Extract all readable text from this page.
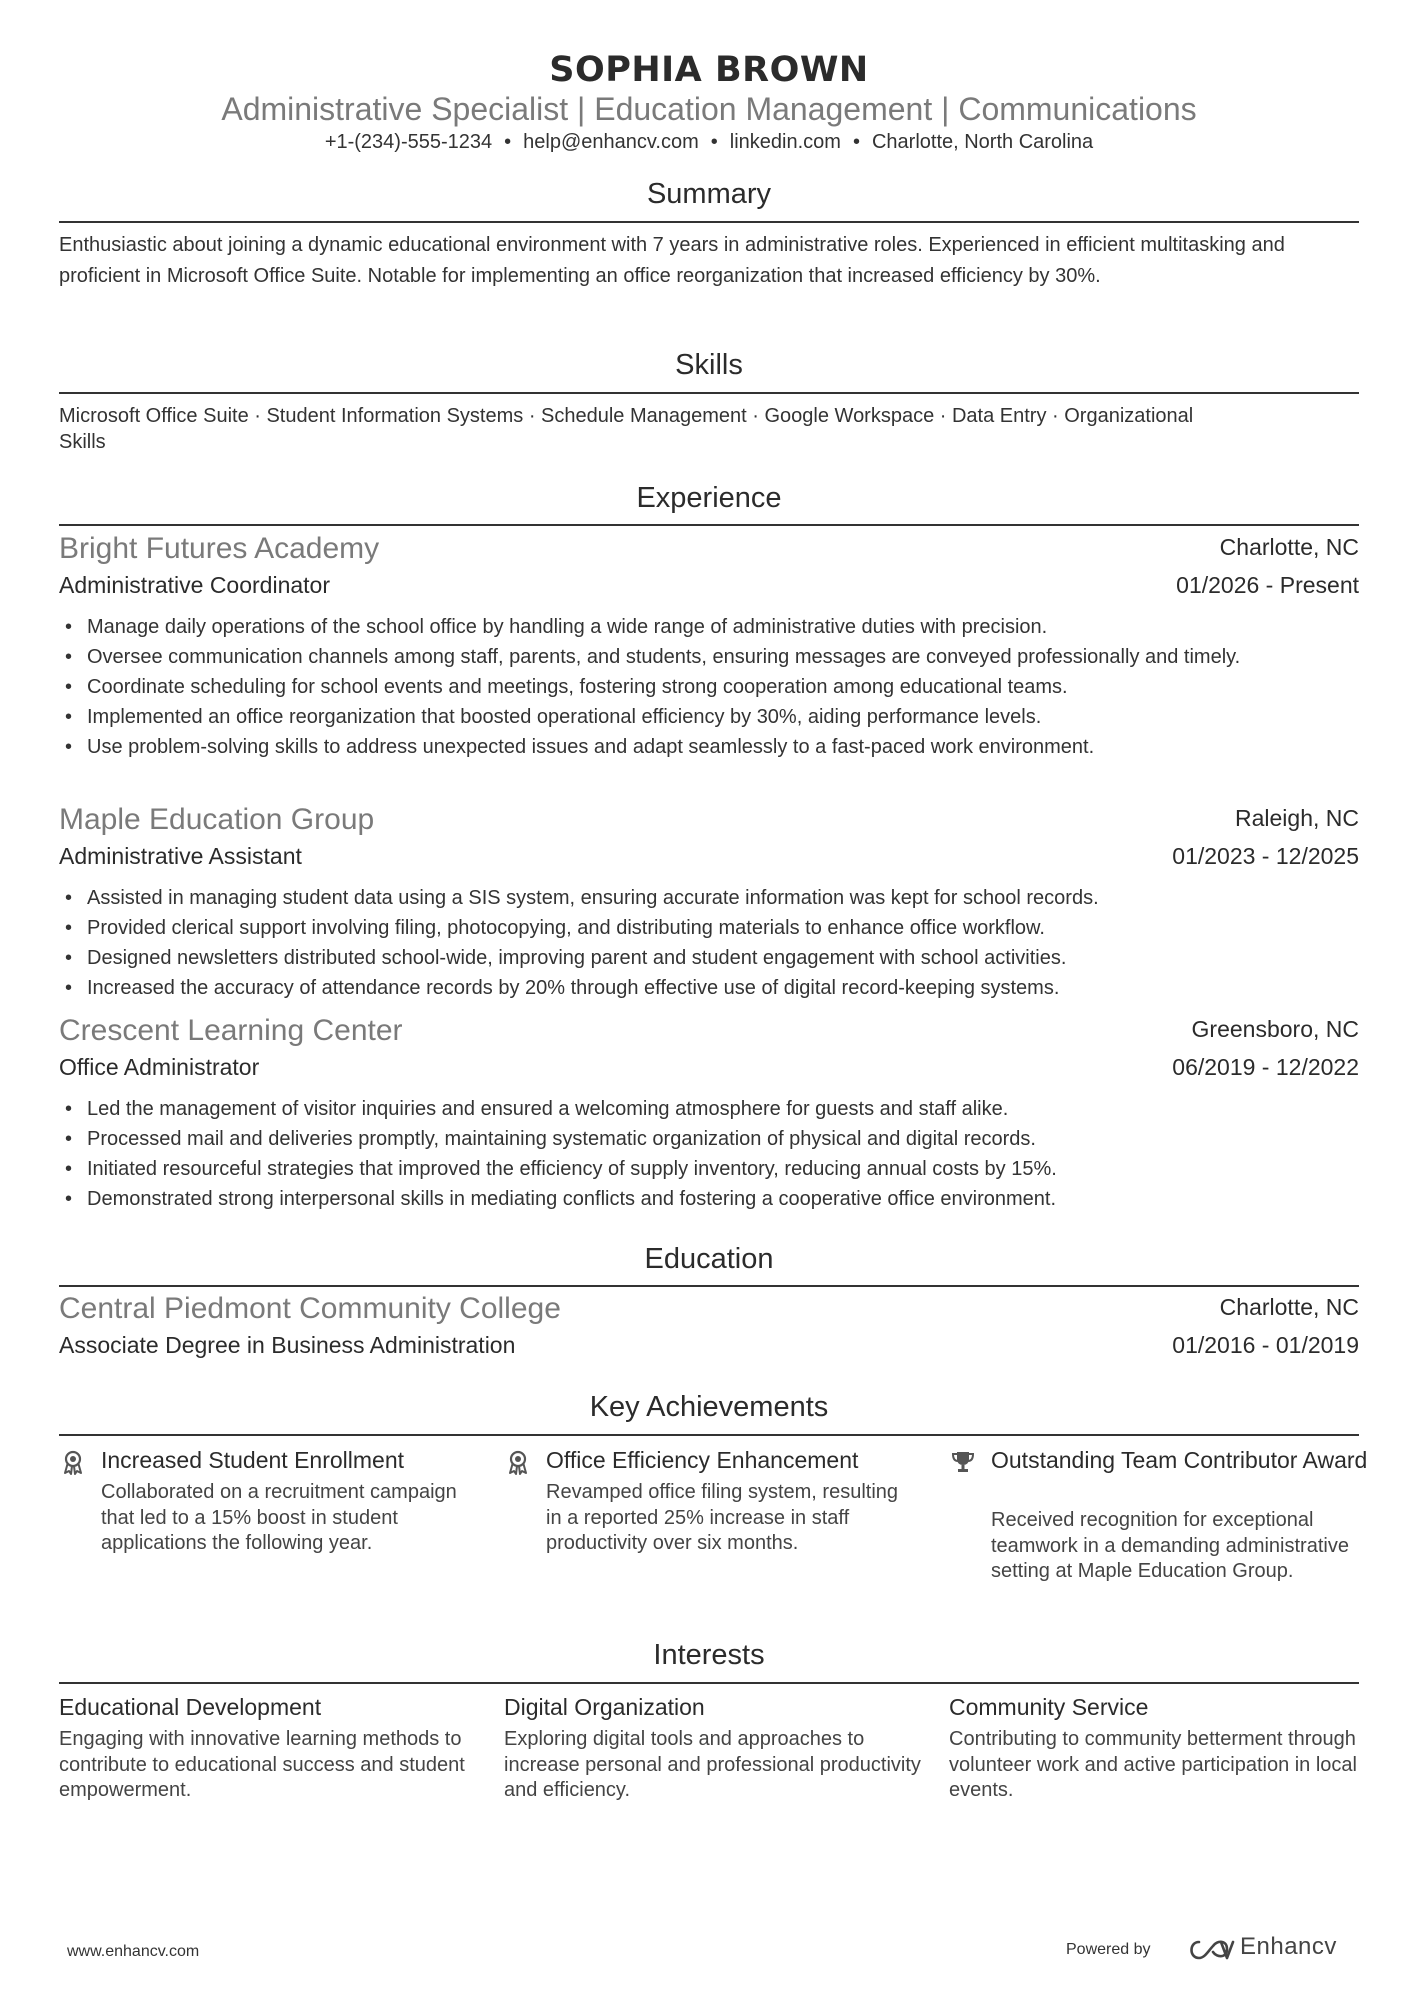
SOPHIA BROWN
Administrative Specialist | Education Management | Communications
+1-(234)-555-1234 • help@enhancv.com • linkedin.com • Charlotte, North Carolina
Summary
Enthusiastic about joining a dynamic educational environment with 7 years in administrative roles. Experienced in efficient multitasking and proficient in Microsoft Office Suite. Notable for implementing an office reorganization that increased efficiency by 30%.
Skills
Microsoft Office Suite · Student Information Systems · Schedule Management · Google Workspace · Data Entry · Organizational Skills
Experience
Bright Futures Academy	Charlotte, NC
Administrative Coordinator	01/2026 - Present
• Manage daily operations of the school office by handling a wide range of administrative duties with precision.
• Oversee communication channels among staff, parents, and students, ensuring messages are conveyed professionally and timely.
• Coordinate scheduling for school events and meetings, fostering strong cooperation among educational teams.
• Implemented an office reorganization that boosted operational efficiency by 30%, aiding performance levels.
• Use problem-solving skills to address unexpected issues and adapt seamlessly to a fast-paced work environment.
Maple Education Group	Raleigh, NC
Administrative Assistant	01/2023 - 12/2025
• Assisted in managing student data using a SIS system, ensuring accurate information was kept for school records.
• Provided clerical support involving filing, photocopying, and distributing materials to enhance office workflow.
• Designed newsletters distributed school-wide, improving parent and student engagement with school activities.
• Increased the accuracy of attendance records by 20% through effective use of digital record-keeping systems.
Crescent Learning Center	Greensboro, NC
Office Administrator	06/2019 - 12/2022
• Led the management of visitor inquiries and ensured a welcoming atmosphere for guests and staff alike.
• Processed mail and deliveries promptly, maintaining systematic organization of physical and digital records.
• Initiated resourceful strategies that improved the efficiency of supply inventory, reducing annual costs by 15%.
• Demonstrated strong interpersonal skills in mediating conflicts and fostering a cooperative office environment.
Education
Central Piedmont Community College	Charlotte, NC
Associate Degree in Business Administration	01/2016 - 01/2019
Key Achievements
Increased Student Enrollment
Collaborated on a recruitment campaign that led to a 15% boost in student applications the following year.
Office Efficiency Enhancement
Revamped office filing system, resulting in a reported 25% increase in staff productivity over six months.
Outstanding Team Contributor Award
Received recognition for exceptional teamwork in a demanding administrative setting at Maple Education Group.
Interests
Educational Development
Engaging with innovative learning methods to contribute to educational success and student empowerment.
Digital Organization
Exploring digital tools and approaches to increase personal and professional productivity and efficiency.
Community Service
Contributing to community betterment through volunteer work and active participation in local events.
www.enhancv.com	Powered by	Enhancv
